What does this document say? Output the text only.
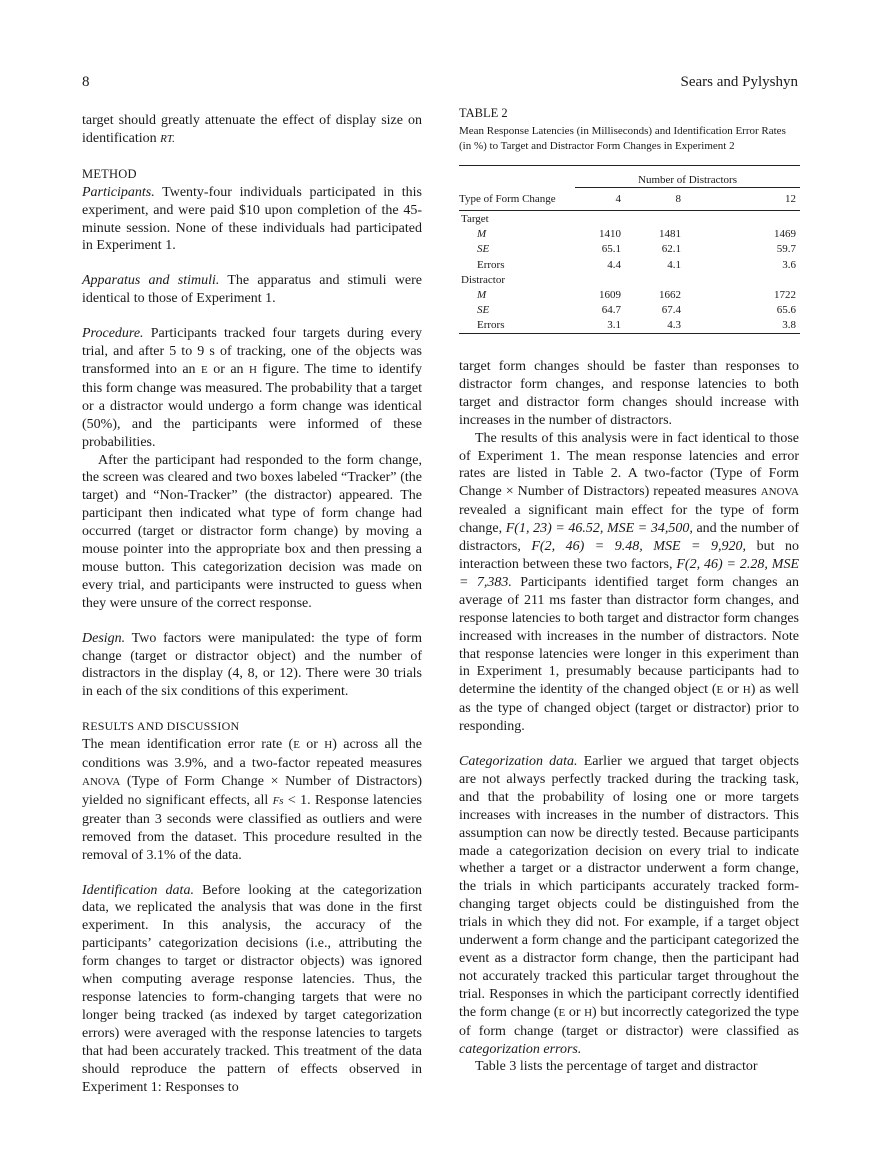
8	Sears and Pylyshyn

target should greatly attenuate the effect of display size on identification RT.

METHOD

Participants. Twenty-four individuals participated in this experiment, and were paid $10 upon completion of the 45-minute session. None of these individuals had participated in Experiment 1.

Apparatus and stimuli. The apparatus and stimuli were identical to those of Experiment 1.

Procedure. Participants tracked four targets during every trial, and after 5 to 9 s of tracking, one of the objects was transformed into an E or an H figure. The time to identify this form change was measured. The probability that a target or a distractor would undergo a form change was identical (50%), and the participants were informed of these probabilities.

After the participant had responded to the form change, the screen was cleared and two boxes labeled “Tracker” (the target) and “Non-Tracker” (the distractor) appeared. The participant then indicated what type of form change had occurred (target or distractor form change) by moving a mouse pointer into the appropriate box and then pressing a mouse button. This categorization decision was made on every trial, and participants were instructed to guess when they were unsure of the correct response.

Design. Two factors were manipulated: the type of form change (target or distractor object) and the number of distractors in the display (4, 8, or 12). There were 30 trials in each of the six conditions of this experiment.

RESULTS AND DISCUSSION

The mean identification error rate (E or H) across all the conditions was 3.9%, and a two-factor repeated measures ANOVA (Type of Form Change × Number of Distractors) yielded no significant effects, all Fs < 1. Response latencies greater than 3 seconds were classified as outliers and were removed from the dataset. This procedure resulted in the removal of 3.1% of the data.

Identification data. Before looking at the categorization data, we replicated the analysis that was done in the first experiment. In this analysis, the accuracy of the participants’ categorization decisions (i.e., attributing the form changes to target or distractor objects) was ignored when computing average response latencies. Thus, the response latencies to form-changing targets that were no longer being tracked (as indexed by target categorization errors) were averaged with the response latencies to targets that had been accurately tracked. This treatment of the data should reproduce the pattern of effects observed in Experiment 1: Responses to

TABLE 2
Mean Response Latencies (in Milliseconds) and Identification Error Rates (in %) to Target and Distractor Form Changes in Experiment 2

	Number of Distractors		
Type of Form Change	4	8	12

Target			
M	1410	1481	1469
SE	65.1	62.1	59.7
Errors	4.4	4.1	3.6
Distractor			
M	1609	1662	1722
SE	64.7	67.4	65.6
Errors	3.1	4.3	3.8

target form changes should be faster than responses to distractor form changes, and response latencies to both target and distractor form changes should increase with increases in the number of distractors.

The results of this analysis were in fact identical to those of Experiment 1. The mean response latencies and error rates are listed in Table 2. A two-factor (Type of Form Change × Number of Distractors) repeated measures ANOVA revealed a significant main effect for the type of form change, F(1, 23) = 46.52, MSE = 34,500, and the number of distractors, F(2, 46) = 9.48, MSE = 9,920, but no interaction between these two factors, F(2, 46) = 2.28, MSE = 7,383. Participants identified target form changes an average of 211 ms faster than distractor form changes, and response latencies to both target and distractor form changes increased with increases in the number of distractors. Note that response latencies were longer in this experiment than in Experiment 1, presumably because participants had to determine the identity of the changed object (E or H) as well as the type of changed object (target or distractor) prior to responding.

Categorization data. Earlier we argued that target objects are not always perfectly tracked during the tracking task, and that the probability of losing one or more targets increases with increases in the number of distractors. This assumption can now be directly tested. Because participants made a categorization decision on every trial to indicate whether a target or a distractor underwent a form change, the trials in which participants accurately tracked form-changing target objects could be distinguished from the trials in which they did not. For example, if a target object underwent a form change and the participant categorized the event as a distractor form change, then the participant had not accurately tracked this particular target throughout the trial. Responses in which the participant correctly identified the form change (E or H) but incorrectly categorized the type of form change (target or distractor) were classified as categorization errors.

Table 3 lists the percentage of target and distractor
